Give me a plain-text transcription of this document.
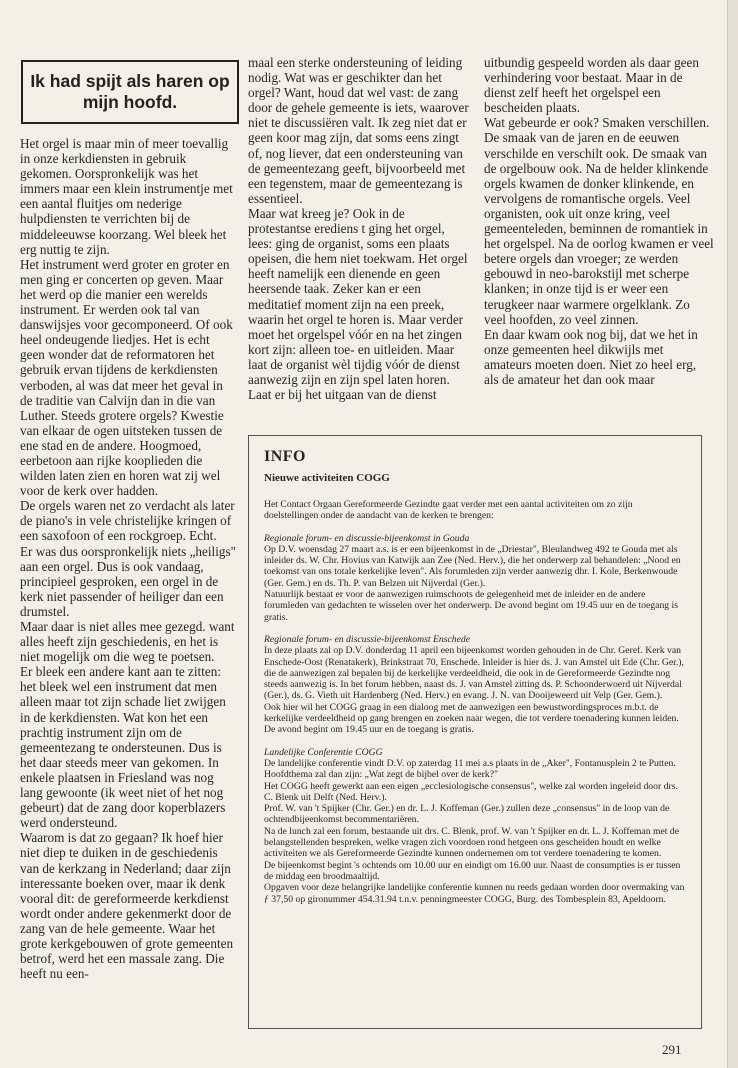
Ik had spijt als haren op mijn hoofd.

Het orgel is maar min of meer toevallig in onze kerkdiensten in gebruik gekomen. Oorspronkelijk was het immers maar een klein instrumentje met een aantal fluitjes om nederige hulpdiensten te verrichten bij de middeleeuwse koorzang. Wel bleek het erg nuttig te zijn.

Het instrument werd groter en groter en men ging er concerten op geven. Maar het werd op die manier een werelds instrument. Er werden ook tal van danswijsjes voor gecomponeerd. Of ook heel ondeugende liedjes. Het is echt geen wonder dat de reformatoren het gebruik ervan tijdens de kerkdiensten verboden, al was dat meer het geval in de traditie van Calvijn dan in die van Luther. Steeds grotere orgels? Kwestie van elkaar de ogen uitsteken tussen de ene stad en de andere. Hoogmoed, eerbetoon aan rijke kooplieden die wilden laten zien en horen wat zij wel voor de kerk over hadden.

De orgels waren net zo verdacht als later de piano's in vele christelijke kringen of een saxofoon of een rockgroep. Echt.

Er was dus oorspronkelijk niets „heiligs" aan een orgel. Dus is ook vandaag, principieel gesproken, een orgel in de kerk niet passender of heiliger dan een drumstel.

Maar daar is niet alles mee gezegd. want alles heeft zijn geschiedenis, en het is niet mogelijk om die weg te poetsen.

Er bleek een andere kant aan te zitten: het bleek wel een instrument dat men alleen maar tot zijn schade liet zwijgen in de kerkdiensten. Wat kon het een prachtig instrument zijn om de gemeentezang te ondersteunen. Dus is het daar steeds meer van gekomen. In enkele plaatsen in Friesland was nog lang gewoonte (ik weet niet of het nog gebeurt) dat de zang door koperblazers werd ondersteund.

Waarom is dat zo gegaan? Ik hoef hier niet diep te duiken in de geschiedenis van de kerkzang in Nederland; daar zijn interessante boeken over, maar ik denk vooral dit: de gereformeerde kerkdienst wordt onder andere gekenmerkt door de zang van de hele gemeente. Waar het grote kerkgebouwen of grote gemeenten betrof, werd het een massale zang. Die heeft nu een-

maal een sterke ondersteuning of leiding nodig. Wat was er geschikter dan het orgel? Want, houd dat wel vast: de zang door de gehele gemeente is iets, waarover niet te discussiëren valt. Ik zeg niet dat er geen koor mag zijn, dat soms eens zingt of, nog liever, dat een ondersteuning van de gemeentezang geeft, bijvoorbeeld met een tegenstem, maar de gemeentezang is essentieel.

Maar wat kreeg je? Ook in de protestantse erediens t ging het orgel, lees: ging de organist, soms een plaats opeisen, die hem niet toekwam. Het orgel heeft namelijk een dienende en geen heersende taak. Zeker kan er een meditatief moment zijn na een preek, waarin het orgel te horen is. Maar verder moet het orgelspel vóór en na het zingen kort zijn: alleen toe- en uitleiden. Maar laat de organist wèl tijdig vóór de dienst aanwezig zijn en zijn spel laten horen. Laat er bij het uitgaan van de dienst

uitbundig gespeeld worden als daar geen verhindering voor bestaat. Maar in de dienst zelf heeft het orgelspel een bescheiden plaats.

Wat gebeurde er ook? Smaken verschillen. De smaak van de jaren en de eeuwen verschilde en verschilt ook. De smaak van de orgelbouw ook. Na de helder klinkende orgels kwamen de donker klinkende, en vervolgens de romantische orgels. Veel organisten, ook uit onze kring, veel gemeenteleden, beminnen de romantiek in het orgelspel. Na de oorlog kwamen er veel betere orgels dan vroeger; ze werden gebouwd in neo-barokstijl met scherpe klanken; in onze tijd is er weer een terugkeer naar warmere orgelklank. Zo veel hoofden, zo veel zinnen.

En daar kwam ook nog bij, dat we het in onze gemeenten heel dikwijls met amateurs moeten doen. Niet zo heel erg, als de amateur het dan ook maar

INFO
Nieuwe activiteiten COGG

Het Contact Orgaan Gereformeerde Gezindte gaat verder met een aantal activiteiten om zo zijn doelstellingen onder de aandacht van de kerken te brengen:

Regionale forum- en discussie-bijeenkomst in Gouda

Op D.V. woensdag 27 maart a.s. is er een bijeenkomst in de „Driestar", Bleulandweg 492 te Gouda met als inleider ds. W. Chr. Hovius van Katwijk aan Zee (Ned. Herv.), die het onderwerp zal behandelen: „Nood en toekomst van ons totale kerkelijke leven". Als forumleden zijn verder aanwezig dhr. I. Kole, Berkenwoude (Ger. Gem.) en ds. Th. P. van Belzen uit Nijverdal (Ger.).

Natuurlijk bestaat er voor de aanwezigen ruimschoots de gelegenheid met de inleider en de andere forumleden van gedachten te wisselen over het onderwerp. De avond begint om 19.45 uur en de toegang is gratis.

Regionale forum- en discussie-bijeenkomst Enschede

In deze plaats zal op D.V. donderdag 11 april een bijeenkomst worden gehouden in de Chr. Geref. Kerk van Enschede-Oost (Renatakerk), Brinkstraat 70, Enschede. Inleider is hier ds. J. van Amstel uit Ede (Chr. Ger.), die de aanwezigen zal bepalen bij de kerkelijke verdeeldheid, die ook in de Gereformeerde Gezindte nog steeds aanwezig is. In het forum hebben, naast ds. J. van Amstel zitting ds. P. Schoonderwoerd uit Nijverdal (Ger.), ds. G. Vieth uit Hardenberg (Ned. Herv.) en evang. J. N. van Dooijeweerd uit Velp (Ger. Gem.).

Ook hier wil het COGG graag in een dialoog met de aanwezigen een bewustwordingsproces m.b.t. de kerkelijke verdeeldheid op gang brengen en zoeken naar wegen, die tot verdere toenadering kunnen leiden. De avond begint om 19.45 uur en de toegang is gratis.

Landelijke Conferentie COGG

De landelijke conferentie vindt D.V. op zaterdag 11 mei a.s plaats in de „Aker", Fontanusplein 2 te Putten. Hoofdthema zal dan zijn: „Wat zegt de bijbel over de kerk?"

Het COGG heeft gewerkt aan een eigen „ecclesiologische consensus", welke zal worden ingeleid door drs. C. Blenk uit Delft (Ned. Herv.).

Prof. W. van 't Spijker (Chr. Ger.) en dr. L. J. Koffeman (Ger.) zullen deze „consensus" in de loop van de ochtendbijeenkomst becommentariëren.

Na de lunch zal een forum, bestaande uit drs. C. Blenk, prof. W. van 't Spijker en dr. L. J. Koffeman met de belangstellenden bespreken, welke vragen zich voordoen rond hetgeen ons gescheiden houdt en welke activiteiten we als Gereformeerde Gezindte kunnen ondernemen om tot verdere toenadering te komen.

De bijeenkomst begint 's ochtends om 10.00 uur en eindigt om 16.00 uur. Naast de consumpties is er tussen de middag een broodmaaltijd.

Opgaven voor deze belangrijke landelijke conferentie kunnen nu reeds gedaan worden door overmaking van ƒ 37,50 op gironummer 454.31.94 t.n.v. penningmeester COGG, Burg. des Tombesplein 83, Apeldoorn.

291
